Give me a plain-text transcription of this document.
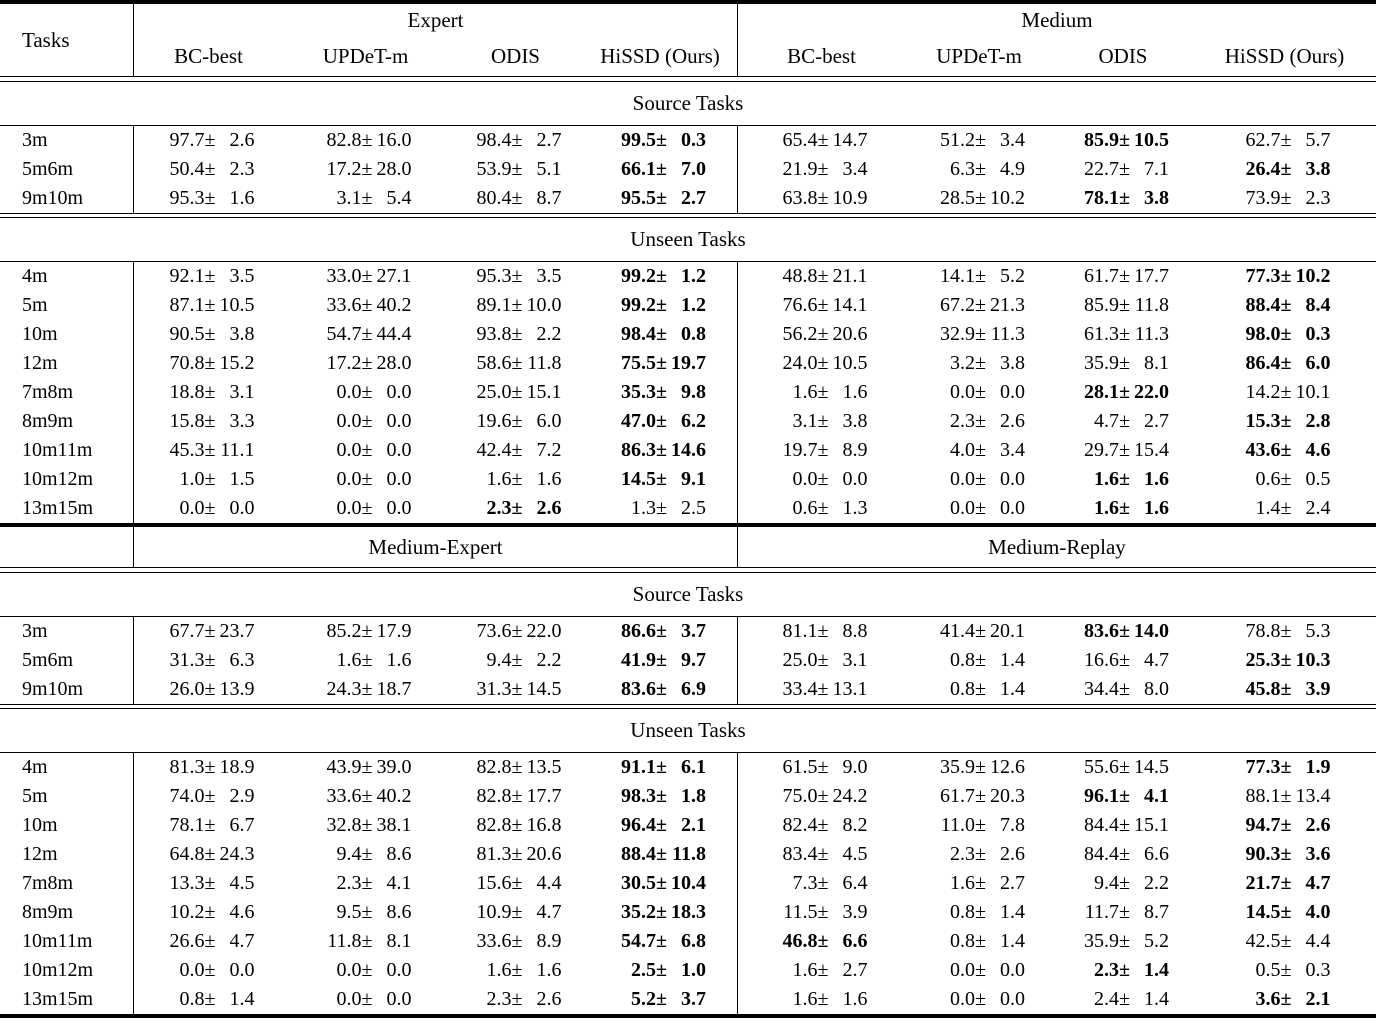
Tasks
Expert	Medium
BC-best	UPDeT-m	ODIS	HiSSD (Ours)	BC-best	UPDeT-m	ODIS	HiSSD (Ours)
Source Tasks
3m	97.7 ± 2.6	82.8 ± 16.0	98.4 ± 2.7	99.5 ± 0.3	65.4 ± 14.7	51.2 ± 3.4	85.9 ± 10.5	62.7 ± 5.7
5m6m	50.4 ± 2.3	17.2 ± 28.0	53.9 ± 5.1	66.1 ± 7.0	21.9 ± 3.4	6.3 ± 4.9	22.7 ± 7.1	26.4 ± 3.8
9m10m	95.3 ± 1.6	3.1 ± 5.4	80.4 ± 8.7	95.5 ± 2.7	63.8 ± 10.9	28.5 ± 10.2	78.1 ± 3.8	73.9 ± 2.3
Unseen Tasks
4m	92.1 ± 3.5	33.0 ± 27.1	95.3 ± 3.5	99.2 ± 1.2	48.8 ± 21.1	14.1 ± 5.2	61.7 ± 17.7	77.3 ± 10.2
5m	87.1 ± 10.5	33.6 ± 40.2	89.1 ± 10.0	99.2 ± 1.2	76.6 ± 14.1	67.2 ± 21.3	85.9 ± 11.8	88.4 ± 8.4
10m	90.5 ± 3.8	54.7 ± 44.4	93.8 ± 2.2	98.4 ± 0.8	56.2 ± 20.6	32.9 ± 11.3	61.3 ± 11.3	98.0 ± 0.3
12m	70.8 ± 15.2	17.2 ± 28.0	58.6 ± 11.8	75.5 ± 19.7	24.0 ± 10.5	3.2 ± 3.8	35.9 ± 8.1	86.4 ± 6.0
7m8m	18.8 ± 3.1	0.0 ± 0.0	25.0 ± 15.1	35.3 ± 9.8	1.6 ± 1.6	0.0 ± 0.0	28.1 ± 22.0	14.2 ± 10.1
8m9m	15.8 ± 3.3	0.0 ± 0.0	19.6 ± 6.0	47.0 ± 6.2	3.1 ± 3.8	2.3 ± 2.6	4.7 ± 2.7	15.3 ± 2.8
10m11m	45.3 ± 11.1	0.0 ± 0.0	42.4 ± 7.2	86.3 ± 14.6	19.7 ± 8.9	4.0 ± 3.4	29.7 ± 15.4	43.6 ± 4.6
10m12m	1.0 ± 1.5	0.0 ± 0.0	1.6 ± 1.6	14.5 ± 9.1	0.0 ± 0.0	0.0 ± 0.0	1.6 ± 1.6	0.6 ± 0.5
13m15m	0.0 ± 0.0	0.0 ± 0.0	2.3 ± 2.6	1.3 ± 2.5	0.6 ± 1.3	0.0 ± 0.0	1.6 ± 1.6	1.4 ± 2.4
Medium-Expert	Medium-Replay
Source Tasks
3m	67.7 ± 23.7	85.2 ± 17.9	73.6 ± 22.0	86.6 ± 3.7	81.1 ± 8.8	41.4 ± 20.1	83.6 ± 14.0	78.8 ± 5.3
5m6m	31.3 ± 6.3	1.6 ± 1.6	9.4 ± 2.2	41.9 ± 9.7	25.0 ± 3.1	0.8 ± 1.4	16.6 ± 4.7	25.3 ± 10.3
9m10m	26.0 ± 13.9	24.3 ± 18.7	31.3 ± 14.5	83.6 ± 6.9	33.4 ± 13.1	0.8 ± 1.4	34.4 ± 8.0	45.8 ± 3.9
Unseen Tasks
4m	81.3 ± 18.9	43.9 ± 39.0	82.8 ± 13.5	91.1 ± 6.1	61.5 ± 9.0	35.9 ± 12.6	55.6 ± 14.5	77.3 ± 1.9
5m	74.0 ± 2.9	33.6 ± 40.2	82.8 ± 17.7	98.3 ± 1.8	75.0 ± 24.2	61.7 ± 20.3	96.1 ± 4.1	88.1 ± 13.4
10m	78.1 ± 6.7	32.8 ± 38.1	82.8 ± 16.8	96.4 ± 2.1	82.4 ± 8.2	11.0 ± 7.8	84.4 ± 15.1	94.7 ± 2.6
12m	64.8 ± 24.3	9.4 ± 8.6	81.3 ± 20.6	88.4 ± 11.8	83.4 ± 4.5	2.3 ± 2.6	84.4 ± 6.6	90.3 ± 3.6
7m8m	13.3 ± 4.5	2.3 ± 4.1	15.6 ± 4.4	30.5 ± 10.4	7.3 ± 6.4	1.6 ± 2.7	9.4 ± 2.2	21.7 ± 4.7
8m9m	10.2 ± 4.6	9.5 ± 8.6	10.9 ± 4.7	35.2 ± 18.3	11.5 ± 3.9	0.8 ± 1.4	11.7 ± 8.7	14.5 ± 4.0
10m11m	26.6 ± 4.7	11.8 ± 8.1	33.6 ± 8.9	54.7 ± 6.8	46.8 ± 6.6	0.8 ± 1.4	35.9 ± 5.2	42.5 ± 4.4
10m12m	0.0 ± 0.0	0.0 ± 0.0	1.6 ± 1.6	2.5 ± 1.0	1.6 ± 2.7	0.0 ± 0.0	2.3 ± 1.4	0.5 ± 0.3
13m15m	0.8 ± 1.4	0.0 ± 0.0	2.3 ± 2.6	5.2 ± 3.7	1.6 ± 1.6	0.0 ± 0.0	2.4 ± 1.4	3.6 ± 2.1
